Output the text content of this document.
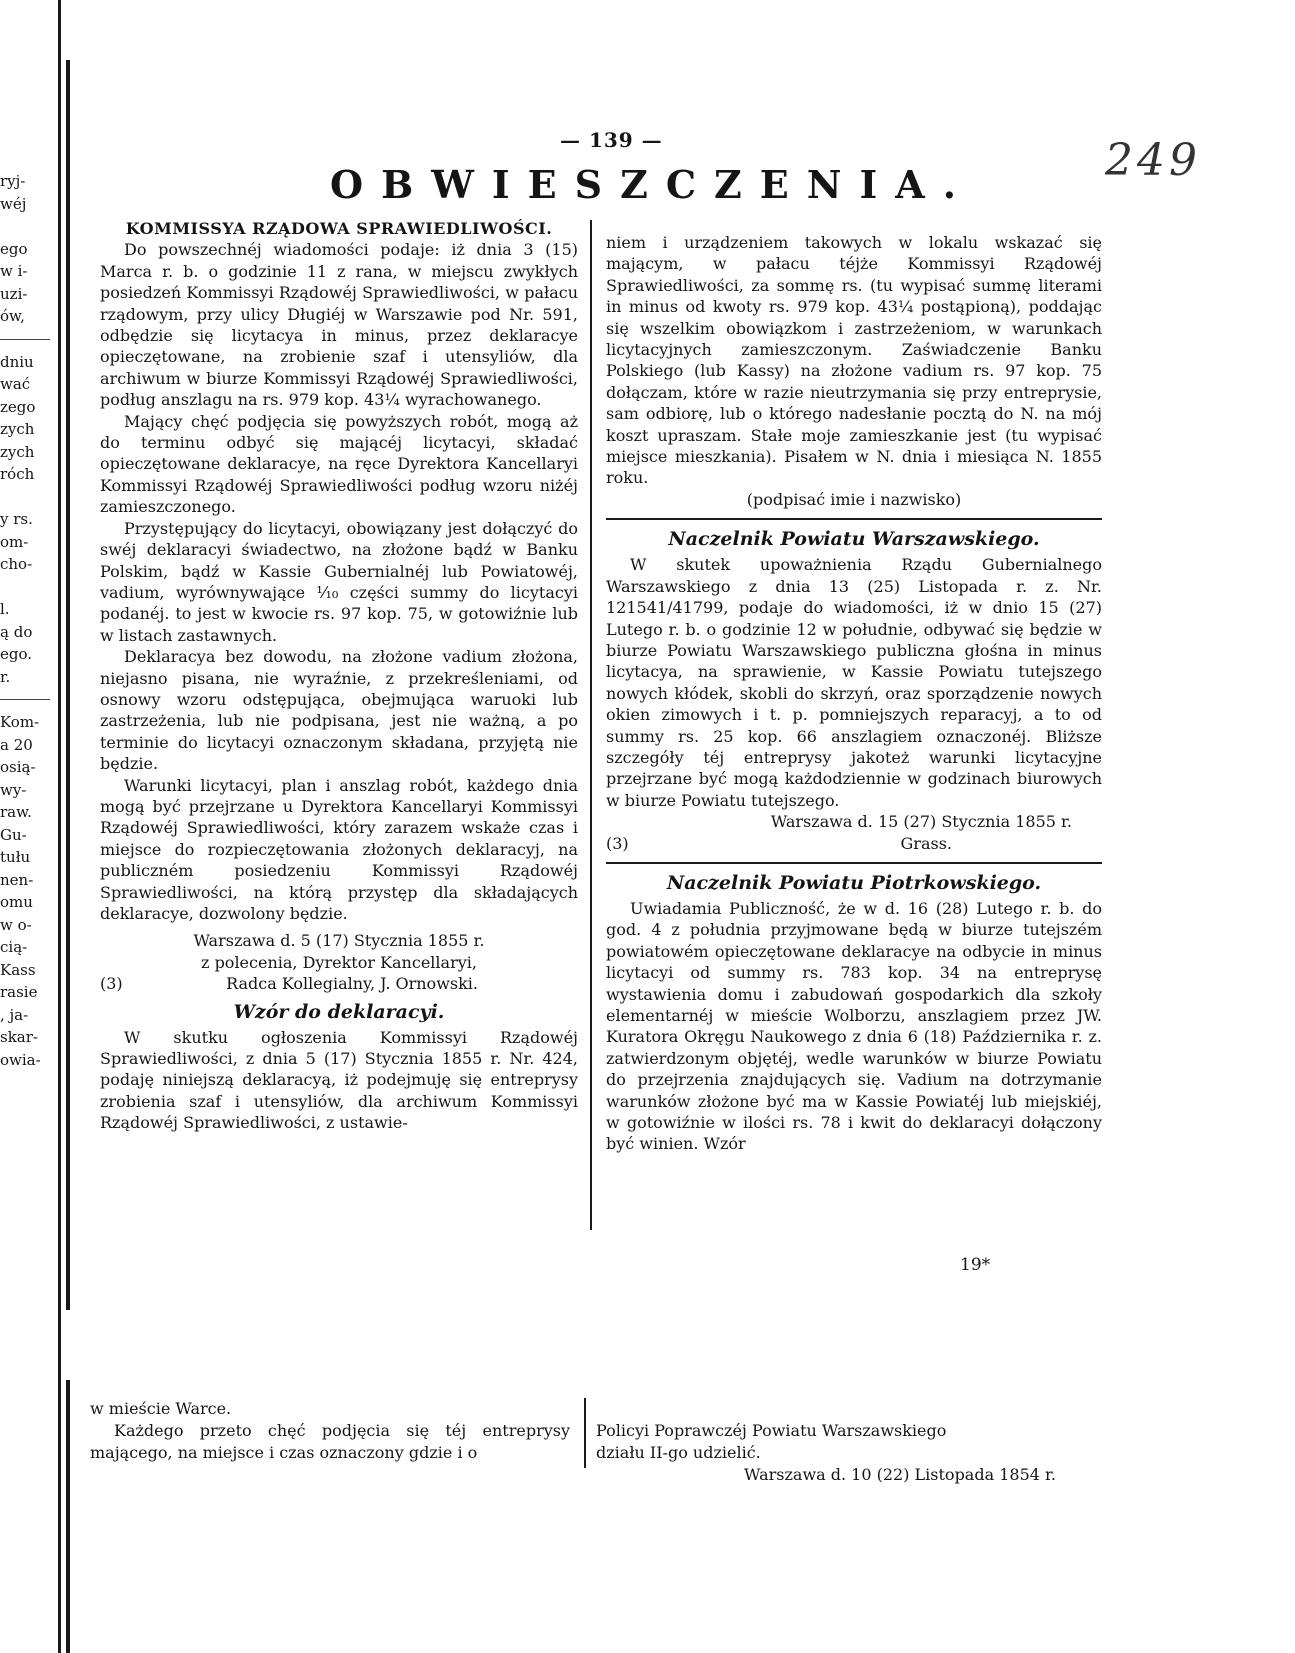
ryj-
wéj
ego
w i-
uzi-
ów,
dniu
wać
zego
zych
zych
róch
y rs.
om-
cho-
l.
ą do
ego.
r.
Kom-
a 20
osią-
wy-
raw.
Gu-
tułu
nen-
omu
w o-
cią-
Kass
rasie
, ja-
skar-
owia-
— 139 —	249
OBWIESZCZENIA.

KOMMISSYA RZĄDOWA SPRAWIEDLIWOŚCI.

Do powszechnéj wiadomości podaje: iż dnia 3 (15) Marca r. b. o godzinie 11 z rana, w miejscu zwykłych posiedzeń Kommissyi Rządowéj Sprawiedliwości, w pałacu rządowym, przy ulicy Długiéj w Warszawie pod Nr. 591, odbędzie się licytacya in minus, przez deklaracye opieczętowane, na zrobienie szaf i utensyliów, dla archiwum w biurze Kommissyi Rządowéj Sprawiedliwości, podług anszlagu na rs. 979 kop. 43¼ wyrachowanego.

Mający chęć podjęcia się powyższych robót, mogą aż do terminu odbyć się mającéj licytacyi, składać opieczętowane deklaracye, na ręce Dyrektora Kancellaryi Kommissyi Rządowéj Sprawiedliwości podług wzoru niżéj zamieszczonego.

Przystępujący do licytacyi, obowiązany jest dołączyć do swéj deklaracyi świadectwo, na złożone bądź w Banku Polskim, bądź w Kassie Gubernialnéj lub Powiatowéj, vadium, wyrównywające ¹⁄₁₀ części summy do licytacyi podanéj. to jest w kwocie rs. 97 kop. 75, w gotowiźnie lub w listach zastawnych.

Deklaracya bez dowodu, na złożone vadium złożona, niejasno pisana, nie wyraźnie, z przekreśleniami, od osnowy wzoru odstępująca, obejmująca waruoki lub zastrzeżenia, lub nie podpisana, jest nie ważną, a po terminie do licytacyi oznaczonym składana, przyjętą nie będzie.

Warunki licytacyi, plan i anszlag robót, każdego dnia mogą być przejrzane u Dyrektora Kancellaryi Kommissyi Rządowéj Sprawiedliwości, który zarazem wskaże czas i miejsce do rozpieczętowania złożonych deklaracyj, na publiczném posiedzeniu Kommissyi Rządowéj Sprawiedliwości, na którą przystęp dla składających deklaracye, dozwolony będzie.

Warszawa d. 5 (17) Stycznia 1855 r.

z polecenia, Dyrektor Kancellaryi,

(3)	Radca Kollegialny, J. Ornowski.

Wzór do deklaracyi.

W skutku ogłoszenia Kommissyi Rządowéj Sprawiedliwości, z dnia 5 (17) Stycznia 1855 r. Nr. 424, podaję niniejszą deklaracyą, iż podejmuję się entreprysy zrobienia szaf i utensyliów, dla archiwum Kommissyi Rządowéj Sprawiedliwości, z ustawie-

niem i urządzeniem takowych w lokalu wskazać się mającym, w pałacu téjże Kommissyi Rządowéj Sprawiedliwości, za sommę rs. (tu wypisać summę literami in minus od kwoty rs. 979 kop. 43¼ postąpioną), poddając się wszelkim obowiązkom i zastrzeżeniom, w warunkach licytacyjnych zamieszczonym. Zaświadczenie Banku Polskiego (lub Kassy) na złożone vadium rs. 97 kop. 75 dołączam, które w razie nieutrzymania się przy entreprysie, sam odbiorę, lub o którego nadesłanie pocztą do N. na mój koszt upraszam. Stałe moje zamieszkanie jest (tu wypisać miejsce mieszkania). Pisałem w N. dnia i miesiąca N. 1855 roku.

(podpisać imie i nazwisko)

Naczelnik Powiatu Warszawskiego.

W skutek upoważnienia Rządu Gubernialnego Warszawskiego z dnia 13 (25) Listopada r. z. Nr. 121541/41799, podaje do wiadomości, iż w dnio 15 (27) Lutego r. b. o godzinie 12 w południe, odbywać się będzie w biurze Powiatu Warszawskiego publiczna głośna in minus licytacya, na sprawienie, w Kassie Powiatu tutejszego nowych kłódek, skobli do skrzyń, oraz sporządzenie nowych okien zimowych i t. p. pomniejszych reparacyj, a to od summy rs. 25 kop. 66 anszlagiem oznaczonéj. Bliższe szczegóły téj entreprysy jakoteż warunki licytacyjne przejrzane być mogą każdodziennie w godzinach biurowych w biurze Powiatu tutejszego.

Warszawa d. 15 (27) Stycznia 1855 r.

(3)	Grass.

Naczelnik Powiatu Piotrkowskiego.

Uwiadamia Publiczność, że w d. 16 (28) Lutego r. b. do god. 4 z południa przyjmowane będą w biurze tutejszém powiatowém opieczętowane deklaracye na odbycie in minus licytacyi od summy rs. 783 kop. 34 na entreprysę wystawienia domu i zabudowań gospodarkich dla szkoły elementarnéj w mieście Wolborzu, anszlagiem przez JW. Kuratora Okręgu Naukowego z dnia 6 (18) Października r. z. zatwierdzonym objętéj, wedle warunków w biurze Powiatu do przejrzenia znajdujących się. Vadium na dotrzymanie warunków złożone być ma w Kassie Powiatéj lub miejskiéj, w gotowiźnie w ilości rs. 78 i kwit do deklaracyi dołączony być winien. Wzór

19*

w mieście Warce.

Każdego przeto chęć podjęcia się téj entreprysy mającego, na miejsce i czas oznaczony gdzie i o

Policyi Poprawczéj Powiatu Warszawskiego

działu II-go udzielić.

Warszawa d. 10 (22) Listopada 1854 r.
